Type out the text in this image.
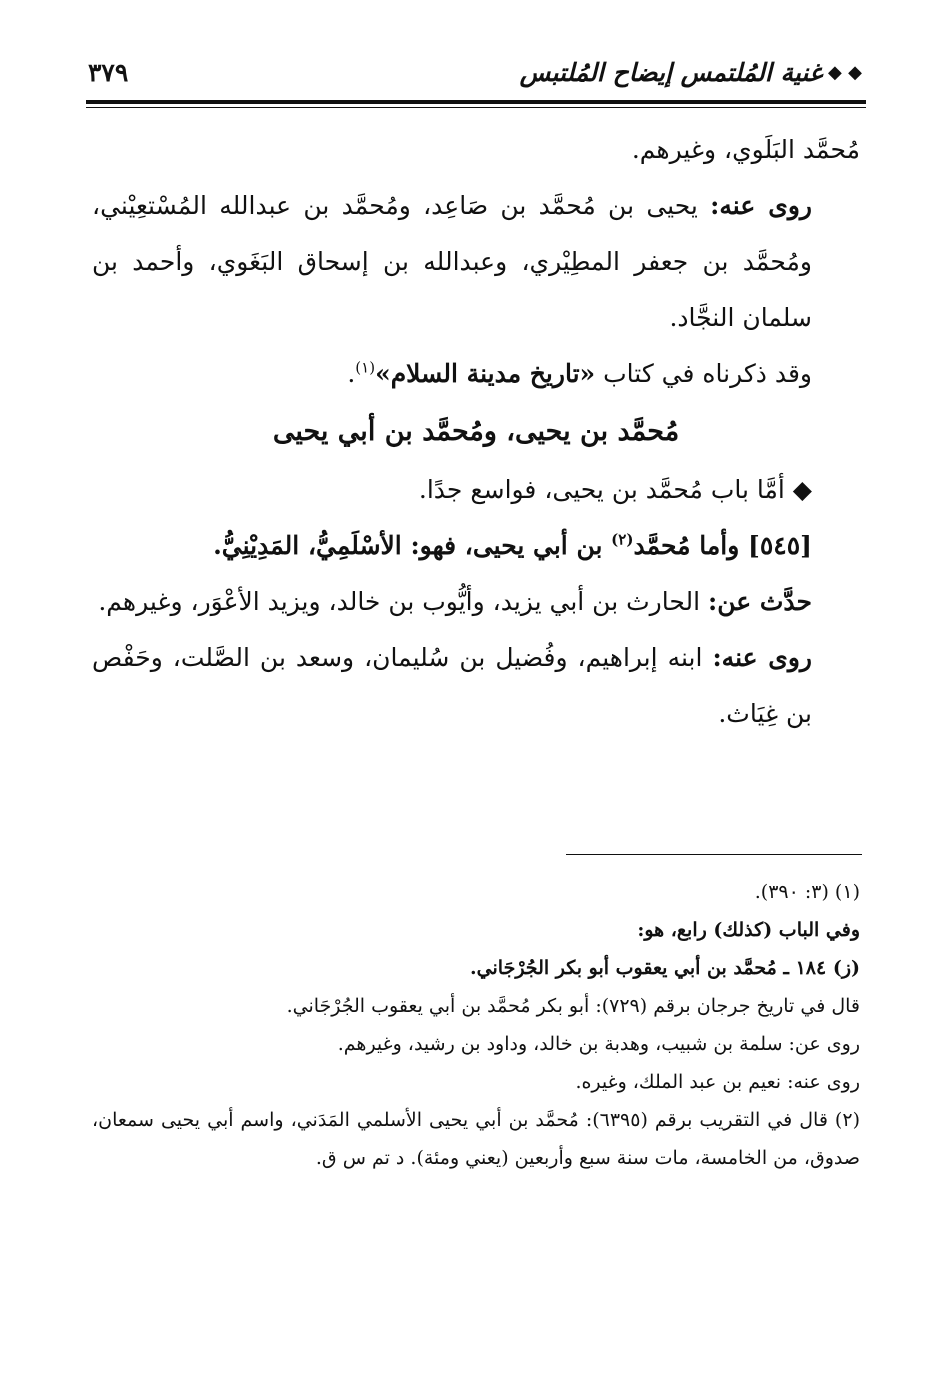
◆ ◆
غنية المُلتمس إيضاح المُلتبس
٣٧٩

مُحمَّد البَلَوي، وغيرهم.

روى عنه: يحيى بن مُحمَّد بن صَاعِد، ومُحمَّد بن عبدالله المُسْتعِيْني، ومُحمَّد بن جعفر المطِيْري، وعبدالله بن إسحاق البَغَوي، وأحمد بن سلمان النجَّاد.

وقد ذكرناه في كتاب «تاريخ مدينة السلام»$^{(١)}$.

مُحمَّد بن يحيى، ومُحمَّد بن أبي يحيى

◆ أمَّا باب مُحمَّد بن يحيى، فواسع جدًا.

[٥٤٥] وأما مُحمَّد$^{(٢)}$ بن أبي يحيى، فهو: الأسْلَمِيُّ، المَدِيْنِيُّ.

حدَّث عن: الحارث بن أبي يزيد، وأيُّوب بن خالد، ويزيد الأعْوَر، وغيرهم.

روى عنه: ابنه إبراهيم، وفُضيل بن سُليمان، وسعد بن الصَّلت، وحَفْص بن غِيَاث.

(١) (٣: ٣٩٠).

وفي الباب (كذلك) رابع، هو:

(ز) ١٨٤ ـ مُحمَّد بن أبي يعقوب أبو بكر الجُرْجَاني.

قال في تاريخ جرجان برقم (٧٢٩): أبو بكر مُحمَّد بن أبي يعقوب الجُرْجَاني.

روى عن: سلمة بن شبيب، وهدبة بن خالد، وداود بن رشيد، وغيرهم.

روى عنه: نعيم بن عبد الملك، وغيره.

(٢) قال في التقريب برقم (٦٣٩٥): مُحمَّد بن أبي يحيى الأسلمي المَدَني، واسم أبي يحيى سمعان، صدوق، من الخامسة، مات سنة سبع وأربعين (يعني ومئة). د تم س ق.
